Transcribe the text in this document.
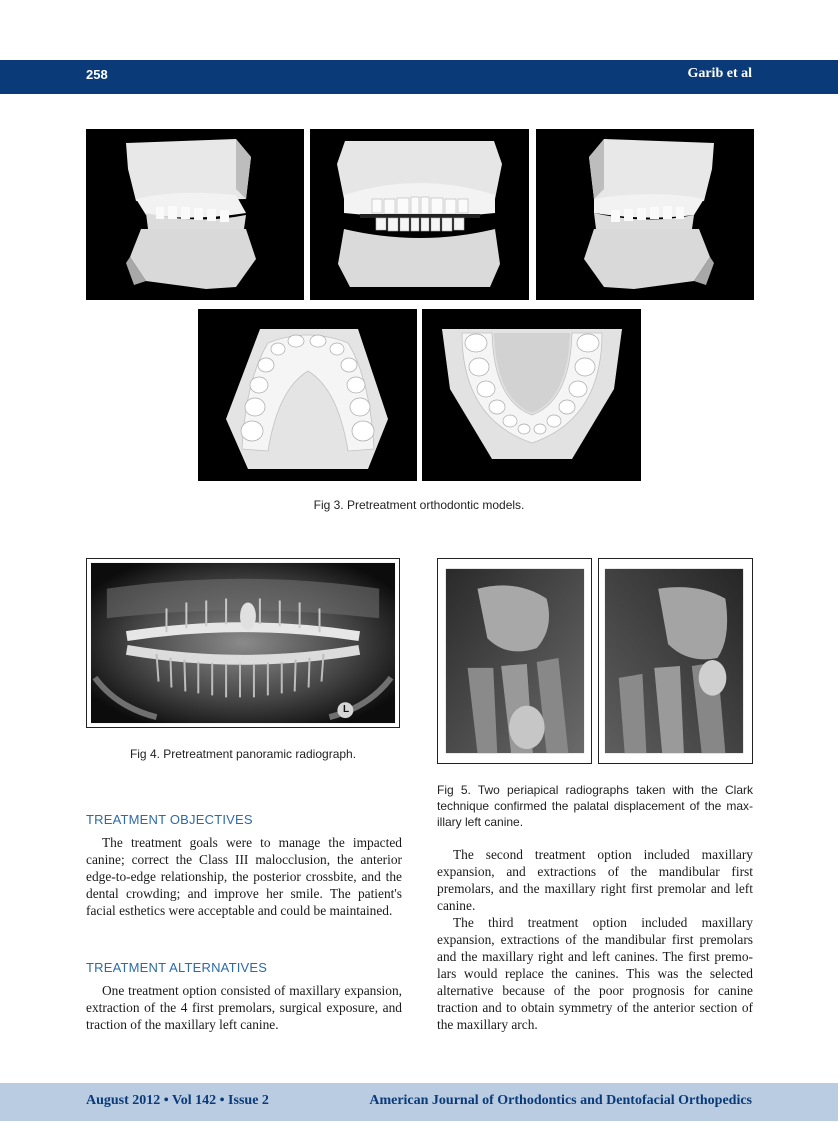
258	Garib et al
Fig 3. Pretreatment orthodontic models.
L
Fig 4. Pretreatment panoramic radiograph.
Fig 5. Two periapical radiographs taken with the Clark technique confirmed the palatal displacement of the max-illary left canine.
TREATMENT OBJECTIVES

The treatment goals were to manage the impacted canine; correct the Class III malocclusion, the anterior edge-to-edge relationship, the posterior crossbite, and the dental crowding; and improve her smile. The patient's facial esthetics were acceptable and could be maintained.

TREATMENT ALTERNATIVES

One treatment option consisted of maxillary expansion, extraction of the 4 first premolars, surgical exposure, and traction of the maxillary left canine.

The second treatment option included maxillary expansion, and extractions of the mandibular first premolars, and the maxillary right first premolar and left canine.

The third treatment option included maxillary expansion, extractions of the mandibular first premolars and the maxillary right and left canines. The first premo-lars would replace the canines. This was the selected alternative because of the poor prognosis for canine traction and to obtain symmetry of the anterior section of the maxillary arch.

August 2012 • Vol 142 • Issue 2	American Journal of Orthodontics and Dentofacial Orthopedics
